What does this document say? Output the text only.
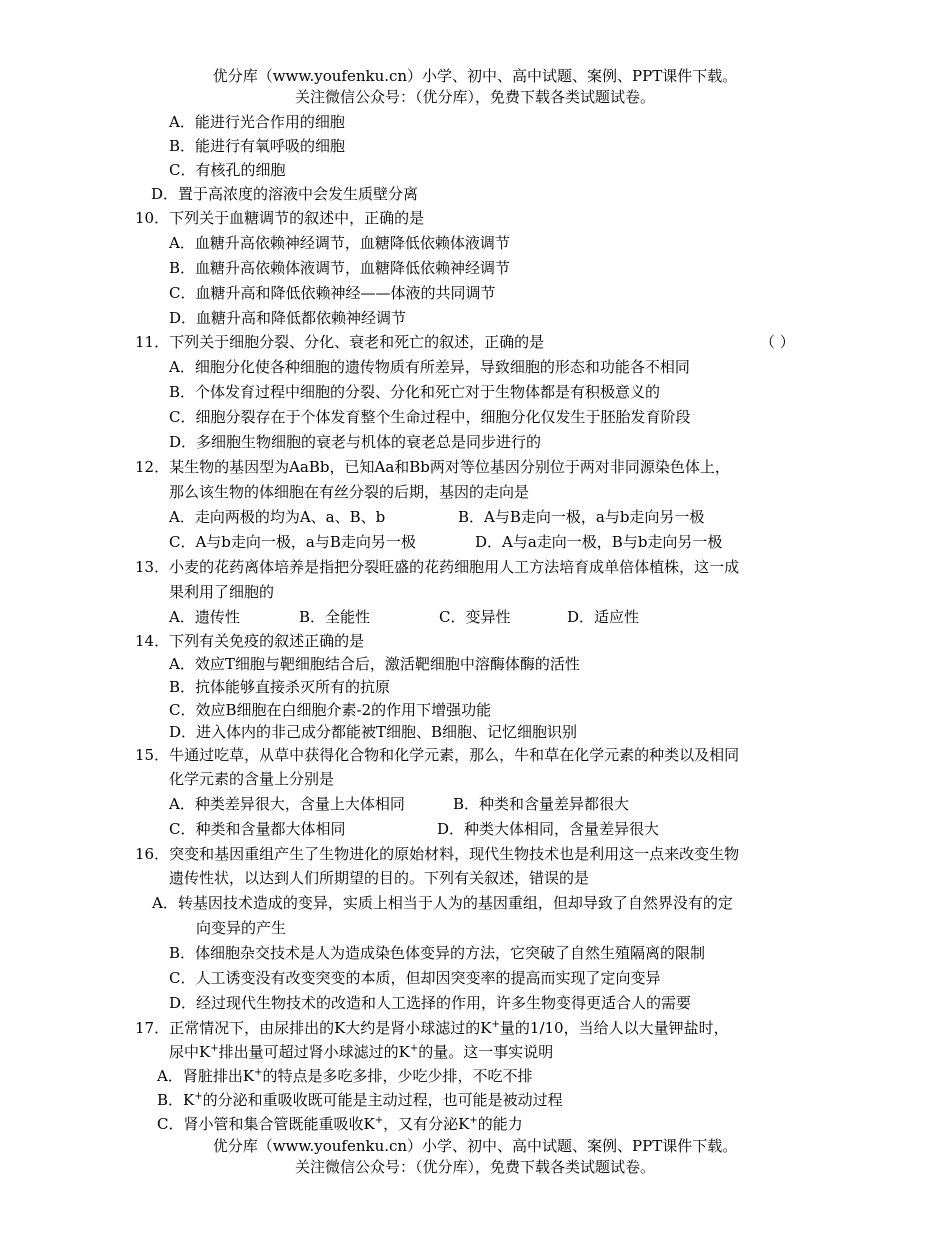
优分库（www.youfenku.cn）小学、初中、高中试题、案例、PPT课件下载。
关注微信公众号：（优分库），免费下载各类试题试卷。
A．能进行光合作用的细胞
B．能进行有氧呼吸的细胞
C．有核孔的细胞
D．置于高浓度的溶液中会发生质壁分离
10．下列关于血糖调节的叙述中，正确的是
A．血糖升高依赖神经调节，血糖降低依赖体液调节
B．血糖升高依赖体液调节，血糖降低依赖神经调节
C．血糖升高和降低依赖神经——体液的共同调节
D．血糖升高和降低都依赖神经调节
11．下列关于细胞分裂、分化、衰老和死亡的叙述，正确的是	（ ）
A．细胞分化使各种细胞的遗传物质有所差异，导致细胞的形态和功能各不相同
B．个体发育过程中细胞的分裂、分化和死亡对于生物体都是有积极意义的
C．细胞分裂存在于个体发育整个生命过程中，细胞分化仅发生于胚胎发育阶段
D．多细胞生物细胞的衰老与机体的衰老总是同步进行的
12．某生物的基因型为AaBb，已知Aa和Bb两对等位基因分别位于两对非同源染色体上，
那么该生物的体细胞在有丝分裂的后期，基因的走向是
A．走向两极的均为A、a、B、b	B．A与B走向一极，a与b走向另一极
C．A与b走向一极，a与B走向另一极	D．A与a走向一极，B与b走向另一极
13．小麦的花药离体培养是指把分裂旺盛的花药细胞用人工方法培育成单倍体植株，这一成
果利用了细胞的
A．遗传性	B．全能性	C．变异性	D．适应性
14．下列有关免疫的叙述正确的是
A．效应T细胞与靶细胞结合后，激活靶细胞中溶酶体酶的活性
B．抗体能够直接杀灭所有的抗原
C．效应B细胞在白细胞介素-2的作用下增强功能
D．进入体内的非己成分都能被T细胞、B细胞、记忆细胞识别
15．牛通过吃草，从草中获得化合物和化学元素，那么，牛和草在化学元素的种类以及相同
化学元素的含量上分别是
A．种类差异很大，含量上大体相同	B．种类和含量差异都很大
C．种类和含量都大体相同	D．种类大体相同，含量差异很大
16．突变和基因重组产生了生物进化的原始材料，现代生物技术也是利用这一点来改变生物
遗传性状，以达到人们所期望的目的。下列有关叙述，错误的是
A．转基因技术造成的变异，实质上相当于人为的基因重组，但却导致了自然界没有的定
向变异的产生
B．体细胞杂交技术是人为造成染色体变异的方法，它突破了自然生殖隔离的限制
C．人工诱变没有改变突变的本质，但却因突变率的提高而实现了定向变异
D．经过现代生物技术的改造和人工选择的作用，许多生物变得更适合人的需要
17．正常情况下，由尿排出的K大约是肾小球滤过的K+量的1/10，当给人以大量钾盐时，
尿中K+排出量可超过肾小球滤过的K+的量。这一事实说明
A．肾脏排出K+的特点是多吃多排，少吃少排，不吃不排
B．K+的分泌和重吸收既可能是主动过程，也可能是被动过程
C．肾小管和集合管既能重吸收K+，又有分泌K+的能力
优分库（www.youfenku.cn）小学、初中、高中试题、案例、PPT课件下载。
关注微信公众号：（优分库），免费下载各类试题试卷。
